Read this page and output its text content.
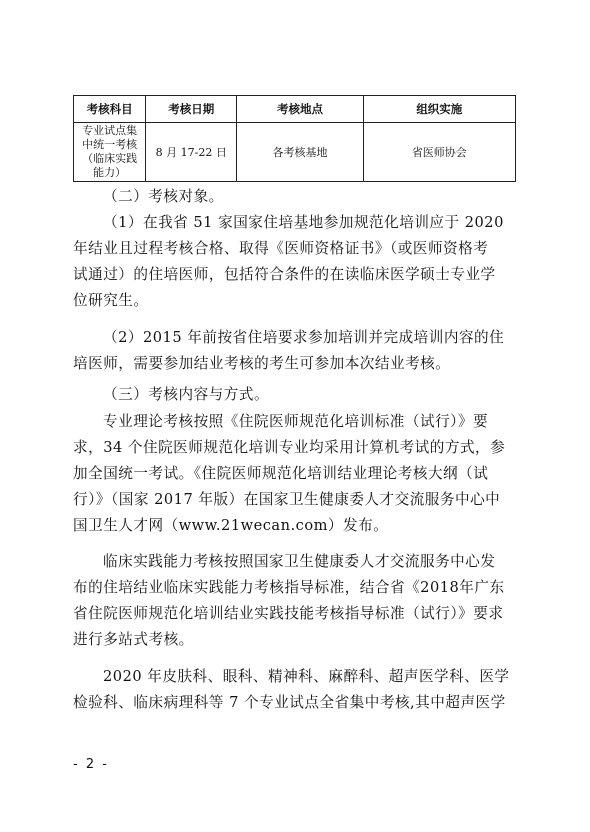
考核科目	考核日期	考核地点	组织实施

专业试点集
中统一考核
（临床实践
能力）	8 月 17-22 日	各考核基地	省医师协会
（二）考核对象。
（1）在我省 51 家国家住培基地参加规范化培训应于 2020
年结业且过程考核合格、取得《医师资格证书》（或医师资格考
试通过）的住培医师，包括符合条件的在读临床医学硕士专业学
位研究生。
（2）2015 年前按省住培要求参加培训并完成培训内容的住
培医师，需要参加结业考核的考生可参加本次结业考核。
（三）考核内容与方式。
专业理论考核按照《住院医师规范化培训标准（试行）》要
求，34 个住院医师规范化培训专业均采用计算机考试的方式，参
加全国统一考试。《住院医师规范化培训结业理论考核大纲（试
行）》（国家 2017 年版）在国家卫生健康委人才交流服务中心中
国卫生人才网（www.21wecan.com）发布。
临床实践能力考核按照国家卫生健康委人才交流服务中心发
布的住培结业临床实践能力考核指导标准，结合省《2018年广东
省住院医师规范化培训结业实践技能考核指导标准（试行）》要求
进行多站式考核。
2020 年皮肤科、眼科、精神科、麻醉科、超声医学科、医学
检验科、临床病理科等 7 个专业试点全省集中考核,其中超声医学
- 2 -
